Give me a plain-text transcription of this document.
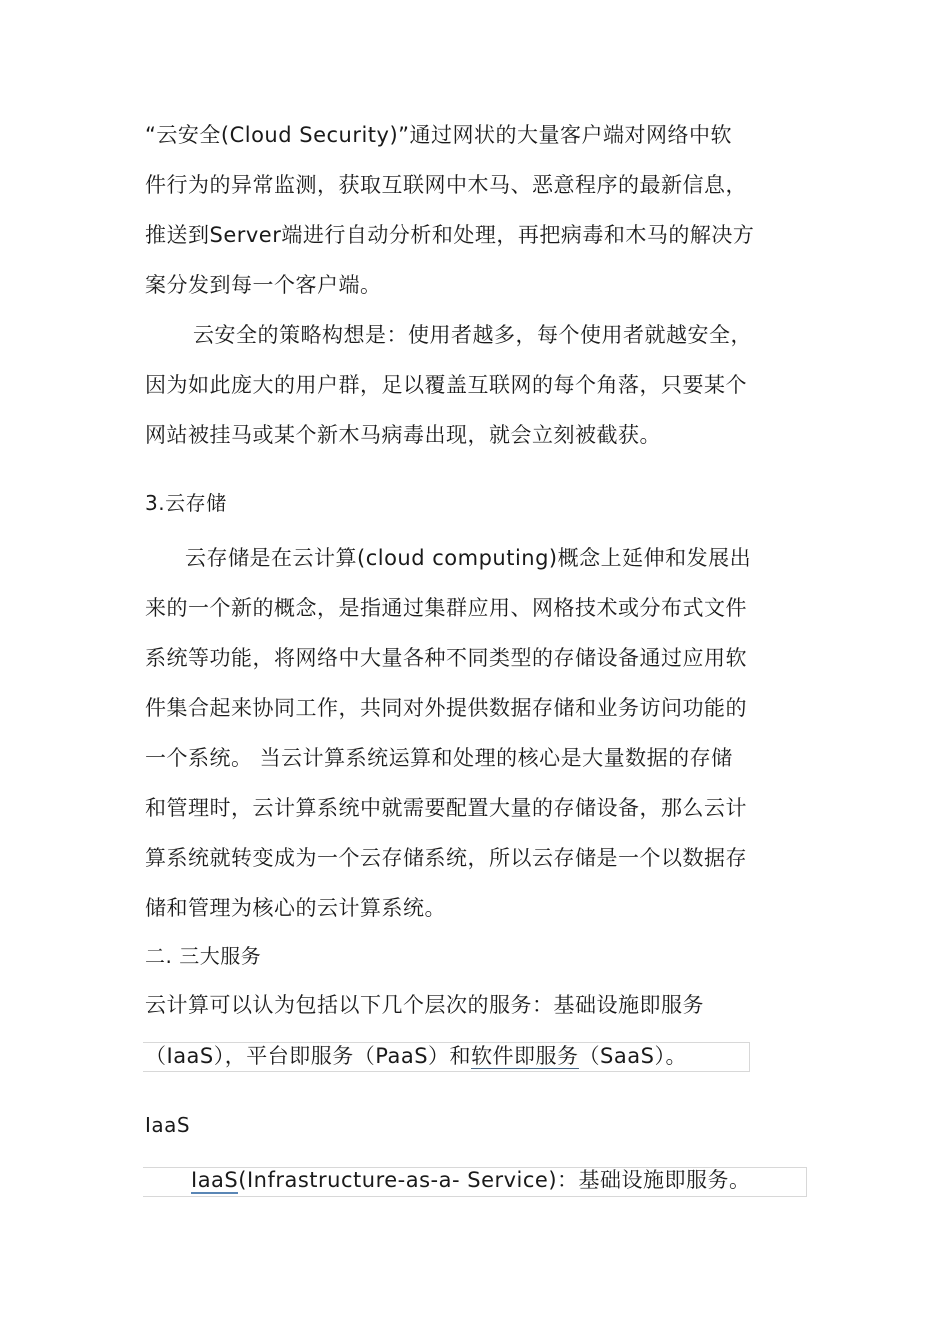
“云安全(Cloud Security)”通过网状的大量客户端对网络中软
件行为的异常监测，获取互联网中木马、恶意程序的最新信息，
推送到Server端进行自动分析和处理，再把病毒和木马的解决方
案分发到每一个客户端。
云安全的策略构想是：使用者越多，每个使用者就越安全，
因为如此庞大的用户群，足以覆盖互联网的每个角落，只要某个
网站被挂马或某个新木马病毒出现，就会立刻被截获。
3.云存储
云存储是在云计算(cloud computing)概念上延伸和发展出
来的一个新的概念，是指通过集群应用、网格技术或分布式文件
系统等功能，将网络中大量各种不同类型的存储设备通过应用软
件集合起来协同工作，共同对外提供数据存储和业务访问功能的
一个系统。 当云计算系统运算和处理的核心是大量数据的存储
和管理时，云计算系统中就需要配置大量的存储设备，那么云计
算系统就转变成为一个云存储系统，所以云存储是一个以数据存
储和管理为核心的云计算系统。
二. 三大服务
云计算可以认为包括以下几个层次的服务：基础设施即服务
（IaaS），平台即服务（PaaS）和软件即服务（SaaS）。
IaaS
IaaS(Infrastructure-as-a- Service)：基础设施即服务。
